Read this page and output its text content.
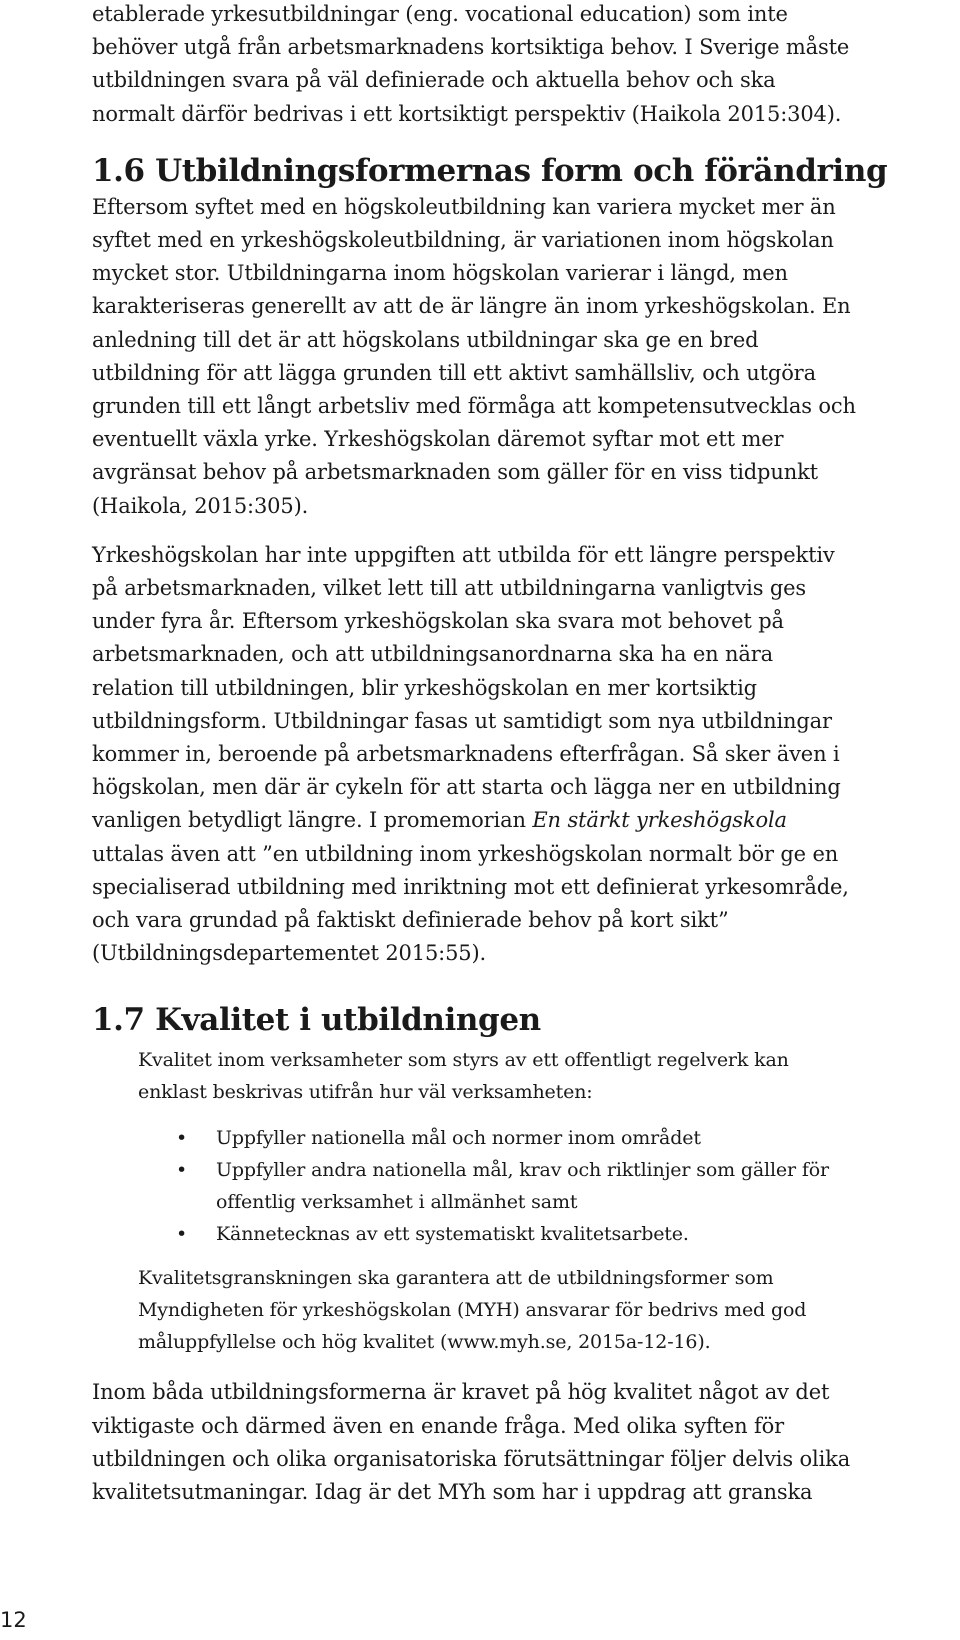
etablerade yrkesutbildningar (eng. vocational education) som inte
behöver utgå från arbetsmarknadens kortsiktiga behov. I Sverige måste
utbildningen svara på väl definierade och aktuella behov och ska
normalt därför bedrivas i ett kortsiktigt perspektiv (Haikola 2015:304).

1.6 Utbildningsformernas form och förändring

Eftersom syftet med en högskoleutbildning kan variera mycket mer än
syftet med en yrkeshögskoleutbildning, är variationen inom högskolan
mycket stor. Utbildningarna inom högskolan varierar i längd, men
karakteriseras generellt av att de är längre än inom yrkeshögskolan. En
anledning till det är att högskolans utbildningar ska ge en bred
utbildning för att lägga grunden till ett aktivt samhällsliv, och utgöra
grunden till ett långt arbetsliv med förmåga att kompetensutvecklas och
eventuellt växla yrke. Yrkeshögskolan däremot syftar mot ett mer
avgränsat behov på arbetsmarknaden som gäller för en viss tidpunkt
(Haikola, 2015:305).

Yrkeshögskolan har inte uppgiften att utbilda för ett längre perspektiv
på arbetsmarknaden, vilket lett till att utbildningarna vanligtvis ges
under fyra år. Eftersom yrkeshögskolan ska svara mot behovet på
arbetsmarknaden, och att utbildningsanordnarna ska ha en nära
relation till utbildningen, blir yrkeshögskolan en mer kortsiktig
utbildningsform. Utbildningar fasas ut samtidigt som nya utbildningar
kommer in, beroende på arbetsmarknadens efterfrågan. Så sker även i
högskolan, men där är cykeln för att starta och lägga ner en utbildning
vanligen betydligt längre. I promemorian En stärkt yrkeshögskola
uttalas även att ”en utbildning inom yrkeshögskolan normalt bör ge en
specialiserad utbildning med inriktning mot ett definierat yrkesområde,
och vara grundad på faktiskt definierade behov på kort sikt”
(Utbildningsdepartementet 2015:55).

1.7 Kvalitet i utbildningen

Kvalitet inom verksamheter som styrs av ett offentligt regelverk kan
enklast beskrivas utifrån hur väl verksamheten:

• Uppfyller nationella mål och normer inom området
• Uppfyller andra nationella mål, krav och riktlinjer som gäller för
offentlig verksamhet i allmänhet samt
• Kännetecknas av ett systematiskt kvalitetsarbete.

Kvalitetsgranskningen ska garantera att de utbildningsformer som
Myndigheten för yrkeshögskolan (MYH) ansvarar för bedrivs med god
måluppfyllelse och hög kvalitet (www.myh.se, 2015a-12-16).

Inom båda utbildningsformerna är kravet på hög kvalitet något av det
viktigaste och därmed även en enande fråga. Med olika syften för
utbildningen och olika organisatoriska förutsättningar följer delvis olika
kvalitetsutmaningar. Idag är det MYh som har i uppdrag att granska

12
